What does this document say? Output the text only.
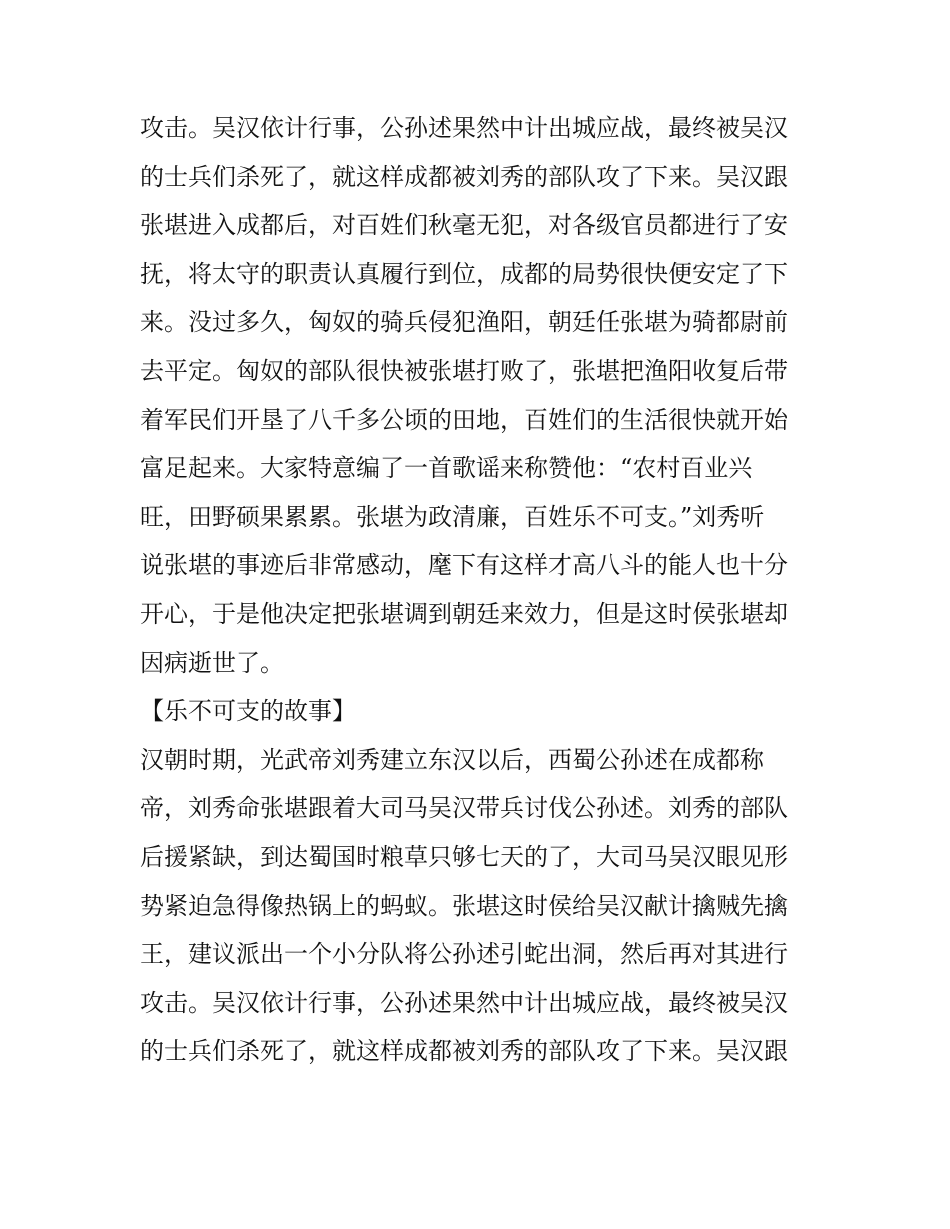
攻击。吴汉依计行事，公孙述果然中计出城应战，最终被吴汉
的士兵们杀死了，就这样成都被刘秀的部队攻了下来。吴汉跟
张堪进入成都后，对百姓们秋毫无犯，对各级官员都进行了安
抚，将太守的职责认真履行到位，成都的局势很快便安定了下
来。没过多久，匈奴的骑兵侵犯渔阳，朝廷任张堪为骑都尉前
去平定。匈奴的部队很快被张堪打败了，张堪把渔阳收复后带
着军民们开垦了八千多公顷的田地，百姓们的生活很快就开始
富足起来。大家特意编了一首歌谣来称赞他：“农村百业兴
旺，田野硕果累累。张堪为政清廉，百姓乐不可支。”刘秀听
说张堪的事迹后非常感动，麾下有这样才高八斗的能人也十分
开心，于是他决定把张堪调到朝廷来效力，但是这时侯张堪却
因病逝世了。
【乐不可支的故事】
汉朝时期，光武帝刘秀建立东汉以后，西蜀公孙述在成都称
帝，刘秀命张堪跟着大司马吴汉带兵讨伐公孙述。刘秀的部队
后援紧缺，到达蜀国时粮草只够七天的了，大司马吴汉眼见形
势紧迫急得像热锅上的蚂蚁。张堪这时侯给吴汉献计擒贼先擒
王，建议派出一个小分队将公孙述引蛇出洞，然后再对其进行
攻击。吴汉依计行事，公孙述果然中计出城应战，最终被吴汉
的士兵们杀死了，就这样成都被刘秀的部队攻了下来。吴汉跟
